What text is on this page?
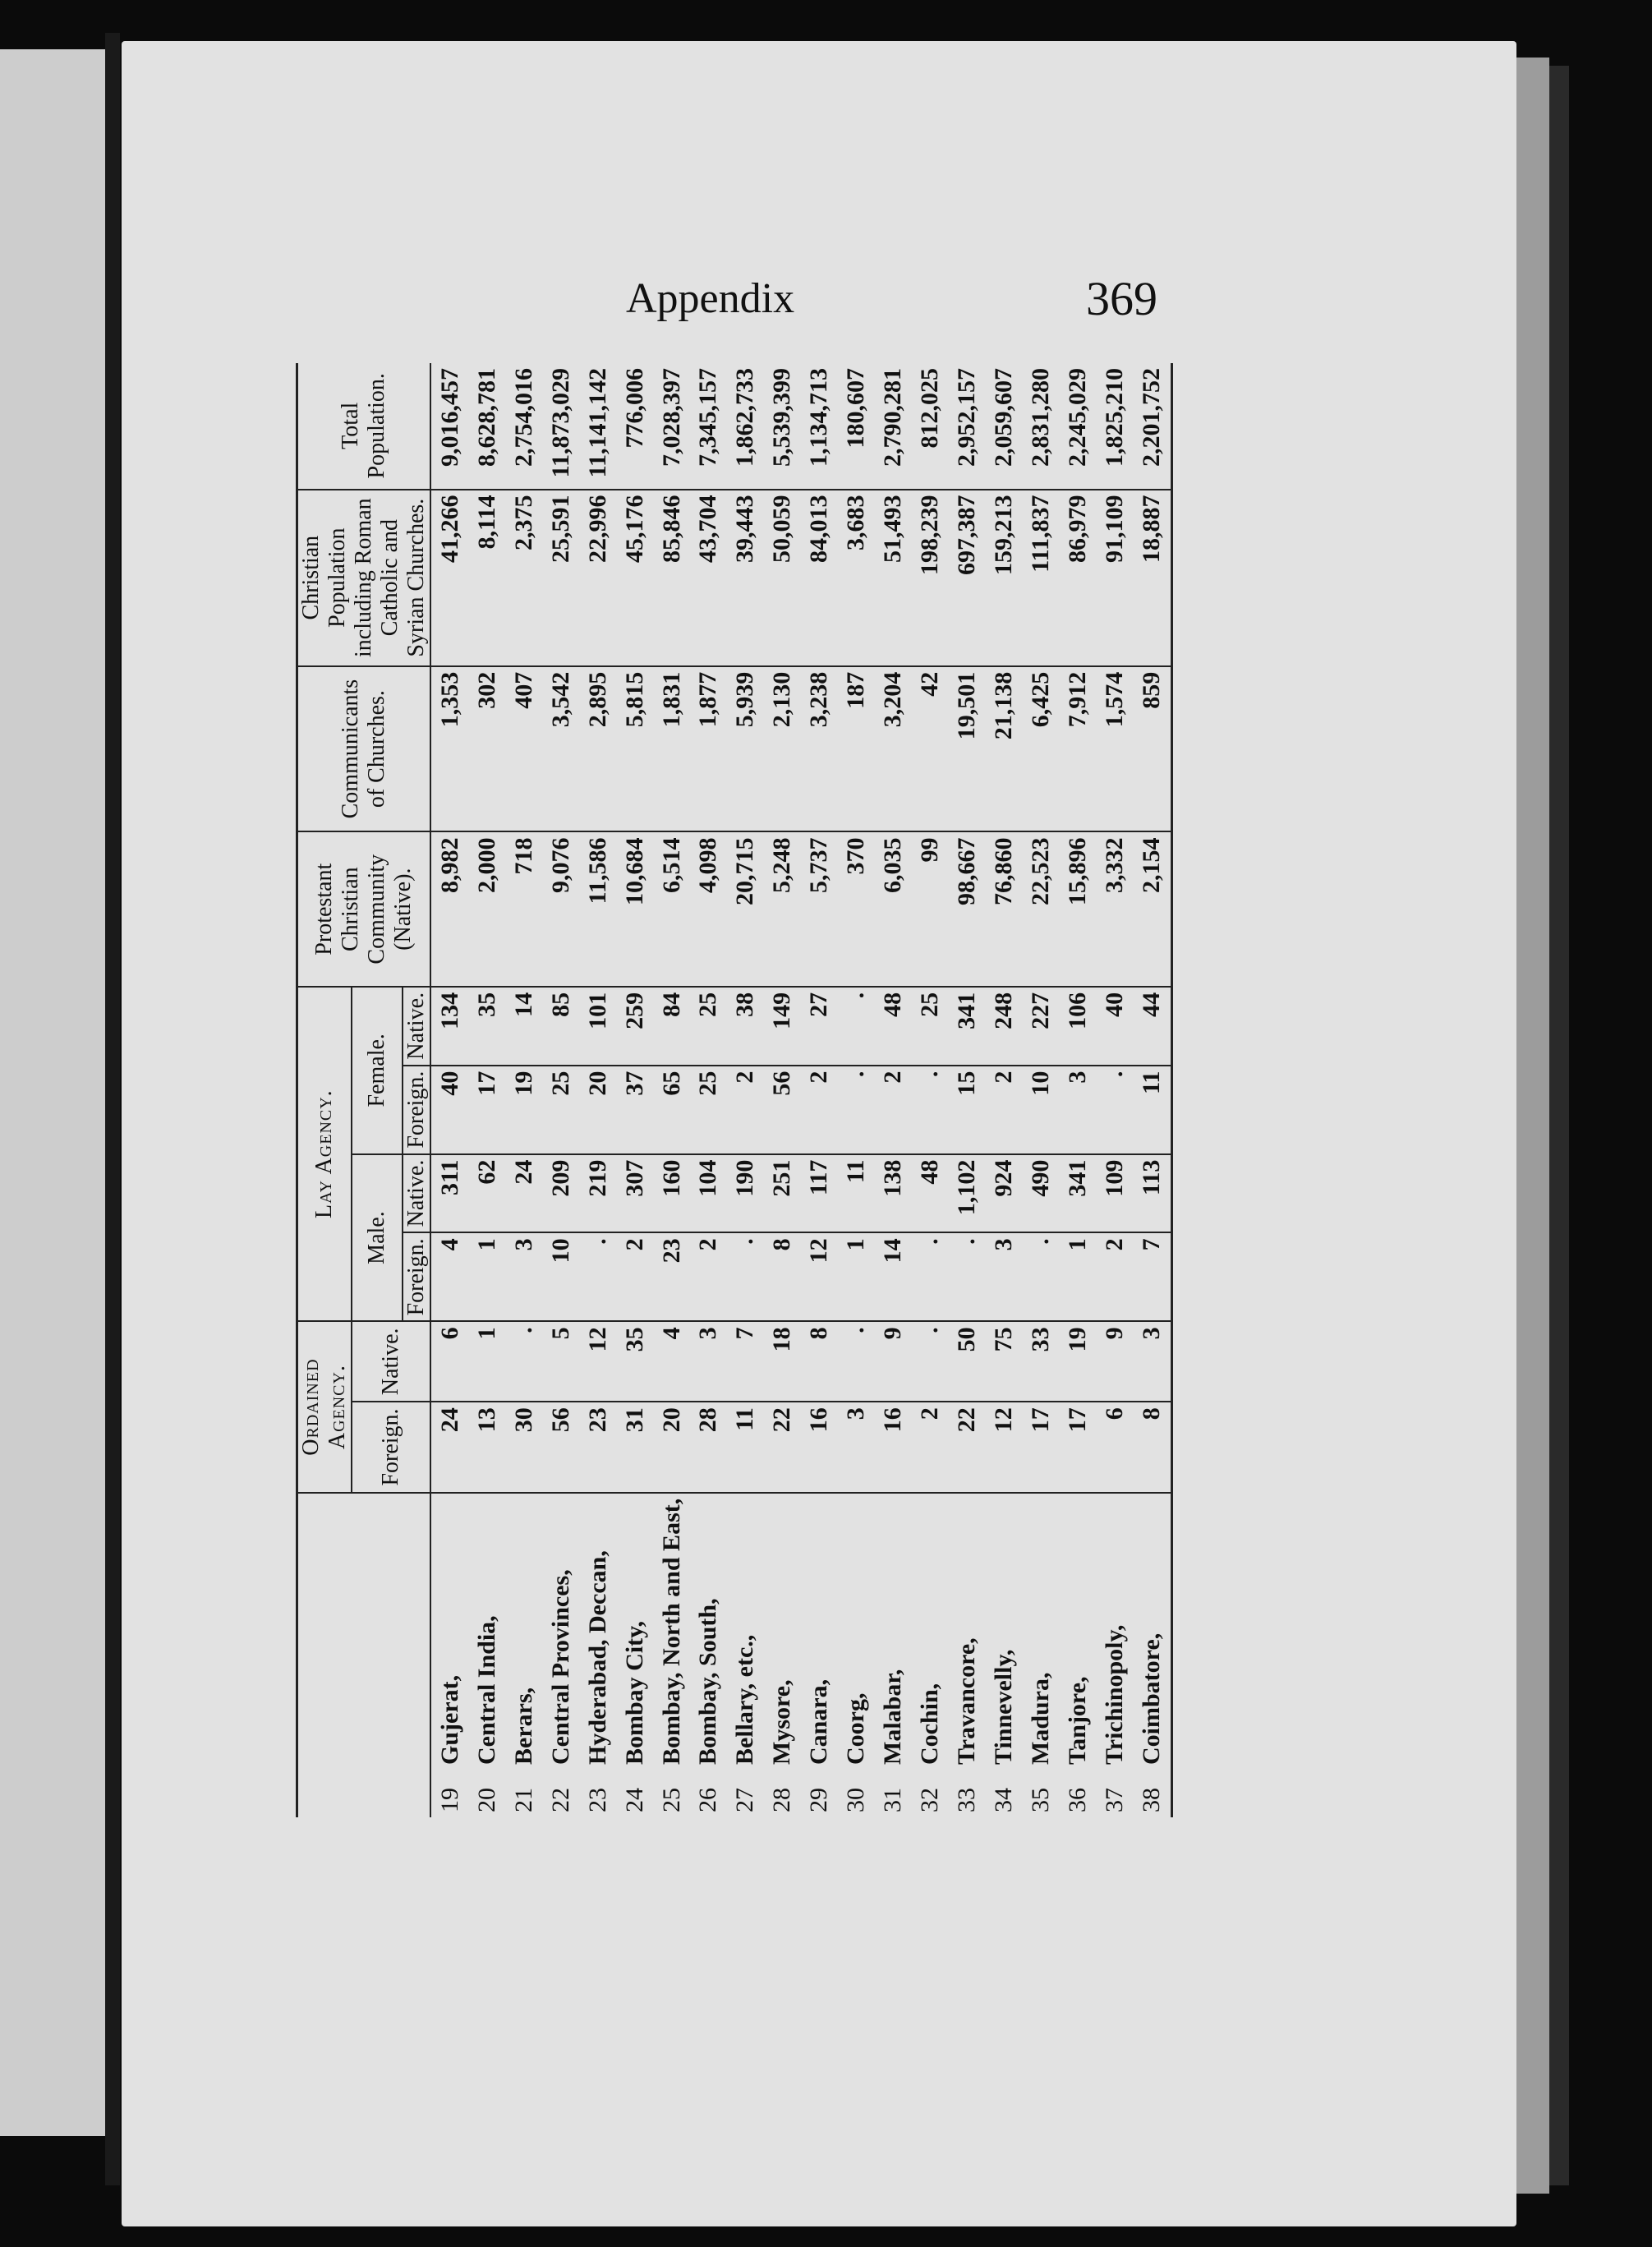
Appendix	369
		Ordained Agency.		Lay Agency.				Protestant Christian Community (Native).	Communicants of Churches.	Christian Population including Roman Catholic and Syrian Churches.	Total Population.
		Foreign.	Native.	Male.		Female.					
				Foreign.	Native.	Foreign.	Native.				
19	Gujerat,	24	6	4	311	40	134	8,982	1,353	41,266	9,016,457
20	Central India,	13	1	1	62	17	35	2,000	302	8,114	8,628,781
21	Berars,	30	.	3	24	19	14	718	407	2,375	2,754,016
22	Central Provinces,	56	5	10	209	25	85	9,076	3,542	25,591	11,873,029
23	Hyderabad, Deccan,	23	12	.	219	20	101	11,586	2,895	22,996	11,141,142
24	Bombay City,	31	35	2	307	37	259	10,684	5,815	45,176	776,006
25	Bombay, North and East,	20	4	23	160	65	84	6,514	1,831	85,846	7,028,397
26	Bombay, South,	28	3	2	104	25	25	4,098	1,877	43,704	7,345,157
27	Bellary, etc.,	11	7	.	190	2	38	20,715	5,939	39,443	1,862,733
28	Mysore,	22	18	8	251	56	149	5,248	2,130	50,059	5,539,399
29	Canara,	16	8	12	117	2	27	5,737	3,238	84,013	1,134,713
30	Coorg,	3	.	1	11	.	.	370	187	3,683	180,607
31	Malabar,	16	9	14	138	2	48	6,035	3,204	51,493	2,790,281
32	Cochin,	2	.	.	48	.	25	99	42	198,239	812,025
33	Travancore,	22	50	.	1,102	15	341	98,667	19,501	697,387	2,952,157
34	Tinnevelly,	12	75	3	924	2	248	76,860	21,138	159,213	2,059,607
35	Madura,	17	33	.	490	10	227	22,523	6,425	111,837	2,831,280
36	Tanjore,	17	19	1	341	3	106	15,896	7,912	86,979	2,245,029
37	Trichinopoly,	6	9	2	109	.	40	3,332	1,574	91,109	1,825,210
38	Coimbatore,	8	3	7	113	11	44	2,154	859	18,887	2,201,752
